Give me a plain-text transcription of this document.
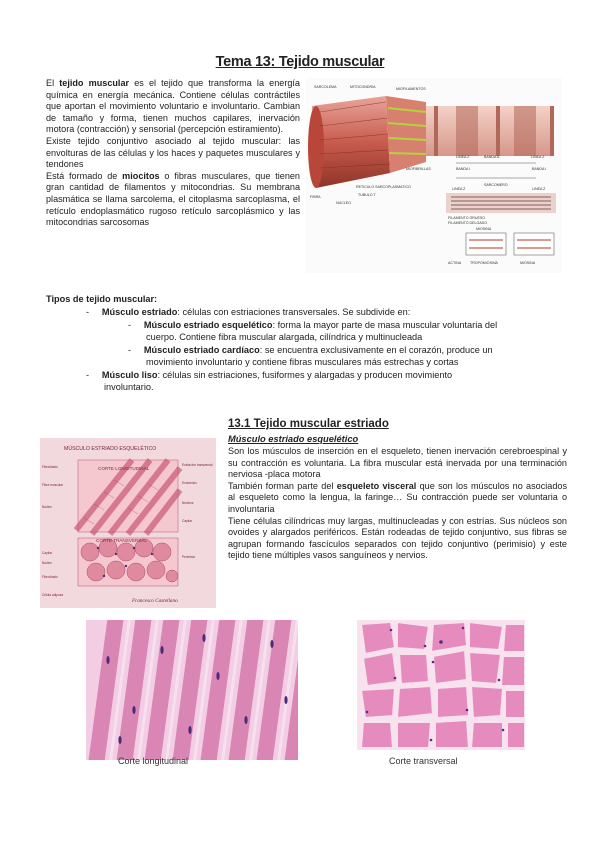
Tema 13: Tejido muscular

El tejido muscular es el tejido que transforma la energía química en energía mecánica. Contiene células contráctiles que aportan el movimiento voluntario e involuntario. Cambian de tamaño y forma, tienen muchos capilares, inervación motora (contracción) y sensorial (percepción estiramiento).

Existe tejido conjuntivo asociado al tejido muscular: las envolturas de las células y los haces y paquetes musculares y tendones

Está formado de miocitos o fibras musculares, que tienen gran cantidad de filamentos y mitocondrias. Su membrana plasmática se llama sarcolema, el citoplasma sarcoplasma, el retículo endoplasmático rugoso retículo sarcoplásmico y las mitocondrias sarcosomas

SARCOLEMA	MITOCONDRIA	MIOFILAMENTOS
LINEA Z	BANDA A	LINEA Z
MIOFIBRILLAS	BANDA I	BANDA I
SARCOMERO
FIBRA
RETICULO SARCOPLASMATICO
NUCLEO
TUBULO T
LINEA Z	LINEA Z
FILAMENTO GRUESO
FILAMENTO DELGADO
MIOSINA
ACTINA TROPOMIOSINA	MIOSINA
Tipos de tejido muscular:
- Músculo estriado: células con estriaciones transversales. Se subdivide en:
- Músculo estriado esquelético: forma la mayor parte de masa muscular voluntaria del
cuerpo. Contiene fibra muscular alargada, cilíndrica y multinucleada
- Músculo estriado cardíaco: se encuentra exclusivamente en el corazón, produce un
movimiento involuntario y contiene fibras musculares más estrechas y cortas
- Músculo liso: células sin estriaciones, fusiformes y alargadas y producen movimiento
involuntario.
13.1 Tejido muscular estriado
Músculo estriado esquelético

Son los músculos de inserción en el esqueleto, tienen inervación cerebroespinal y su contracción es voluntaria. La fibra muscular está inervada por una terminación nerviosa -placa motora

También forman parte del esqueleto visceral que son los músculos no asociados al esqueleto como la lengua, la faringe… Su contracción puede ser voluntaria o involuntaria

Tiene células cilíndricas muy largas, multinucleadas y con estrías. Sus núcleos son ovoides y alargados periféricos. Están rodeadas de tejido conjuntivo, sus fibras se agrupan formando fascículos separados con tejido conjuntivo (perimisio) y este tejido tiene múltiples vasos sanguíneos y nervios.

MÚSCULO ESTRIADO ESQUELÉTICO
CORTE LONGITUDINAL
CORTE TRANSVERSAL
Fibroblasto
Fibra muscular
Núcleo
Capilar
Núcleo
Fibroblasto
Célula adiposa
Estriación transversal
Endomisio
Núcleos
Capilar
Perimisio
Francesco Castellano
Corte longitudinal	Corte transversal
